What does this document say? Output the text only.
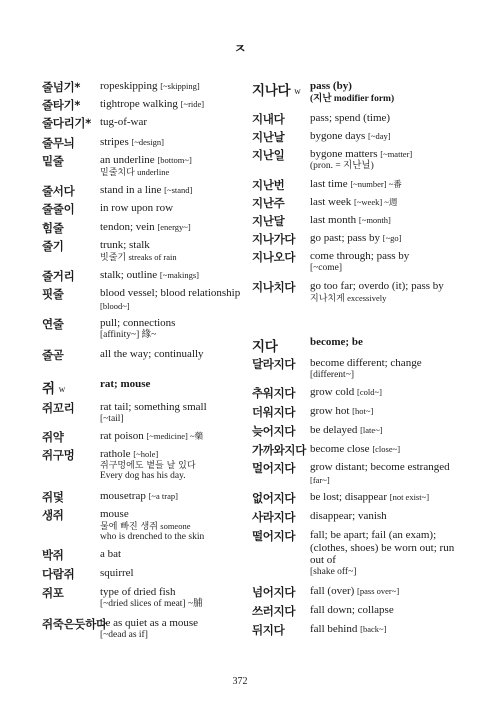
ㅈ
줄넘기* ropeskipping [~skipping]
줄타기* tightrope walking [~ride]
줄다리기* tug-of-war
줄무늬 stripes [~design]
밑줄	an underline [bottom~]
밑줄치다 underline
줄서다 stand in a line [~stand]
줄줄이 in row upon row
힘줄	tendon; vein [energy~]
줄기	trunk; stalk
빗줄기 streaks of rain
줄거리 stalk; outline [~makings]
핏줄	blood vessel; blood relationship [blood~]
연줄	pull; connections
[affinity~] 緣~
줄곧	all the way; continually
쥐 w	rat; mouse
쥐꼬리 rat tail; something small
[~tail]
쥐약	rat poison [~medicine] ~藥
쥐구멍 rathole [~hole]
쥐구멍에도 볕들 날 있다
Every dog has his day.
쥐덫	mousetrap [~a trap]
생쥐	mouse
물에 빠진 생쥐 someone
who is drenched to the skin
박쥐	a bat
다람쥐 squirrel
쥐포	type of dried fish
[~dried slices of meat] ~脯
쥐죽은듯하다
be as quiet as a mouse
[~dead as if]
지나다 w pass (by)
(지난 modifier form)
지내다 pass; spend (time)
지난날 bygone days [~day]
지난일 bygone matters [~matter]
(pron. = 지난닐)
지난번 last time [~number] ~番
지난주 last week [~week] ~週
지난달 last month [~month]
지나가다 go past; pass by [~go]
지나오다 come through; pass by
[~come]
지나치다 go too far; overdo (it); pass by
지나치게 excessively
지다	become; be
달라지다 become different; change
[different~]
추워지다 grow cold [cold~]
더워지다 grow hot [hot~]
늦어지다 be delayed [late~]
가까와지다 become close [close~]
멀어지다 grow distant; become estranged [far~]
없어지다 be lost; disappear [not exist~]
사라지다 disappear; vanish
떨어지다 fall; be apart; fail (an exam); (clothes, shoes) be worn out; run out of
[shake off~]
넘어지다 fall (over) [pass over~]
쓰러지다 fall down; collapse
뒤지다 fall behind [back~]
372
